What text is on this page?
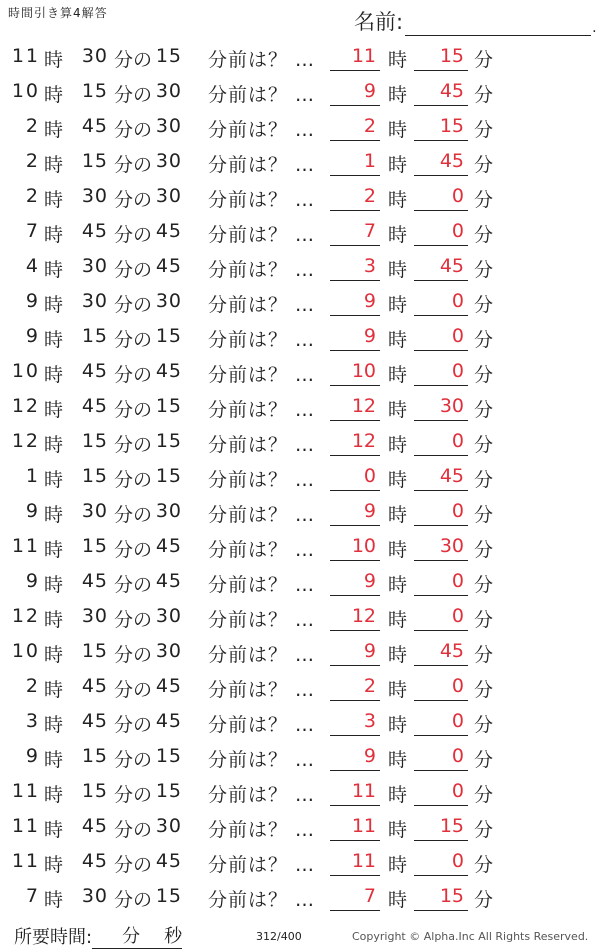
時間引き算4解答	名前:	.
11 時 30 分の 15 分前は？ …	11 時	15 分
10 時 15 分の 30 分前は？ …	9 時	45 分
2 時 45 分の 30 分前は？ …	2 時	15 分
2 時 15 分の 30 分前は？ …	1 時	45 分
2 時 30 分の 30 分前は？ …	2 時	0 分
7 時 45 分の 45 分前は？ …	7 時	0 分
4 時 30 分の 45 分前は？ …	3 時	45 分
9 時 30 分の 30 分前は？ …	9 時	0 分
9 時 15 分の 15 分前は？ …	9 時	0 分
10 時 45 分の 45 分前は？ …	10 時	0 分
12 時 45 分の 15 分前は？ …	12 時	30 分
12 時 15 分の 15 分前は？ …	12 時	0 分
1 時 15 分の 15 分前は？ …	0 時	45 分
9 時 30 分の 30 分前は？ …	9 時	0 分
11 時 15 分の 45 分前は？ …	10 時	30 分
9 時 45 分の 45 分前は？ …	9 時	0 分
12 時 30 分の 30 分前は？ …	12 時	0 分
10 時 15 分の 30 分前は？ …	9 時	45 分
2 時 45 分の 45 分前は？ …	2 時	0 分
3 時 45 分の 45 分前は？ …	3 時	0 分
9 時 15 分の 15 分前は？ …	9 時	0 分
11 時 15 分の 15 分前は？ …	11 時	0 分
11 時 45 分の 30 分前は？ …	11 時	15 分
11 時 45 分の 45 分前は？ …	11 時	0 分
7 時 30 分の 15 分前は？ …	7 時	15 分
所要時間: 分 秒	312/400	Copyright © Alpha.Inc All Rights Reserved.
